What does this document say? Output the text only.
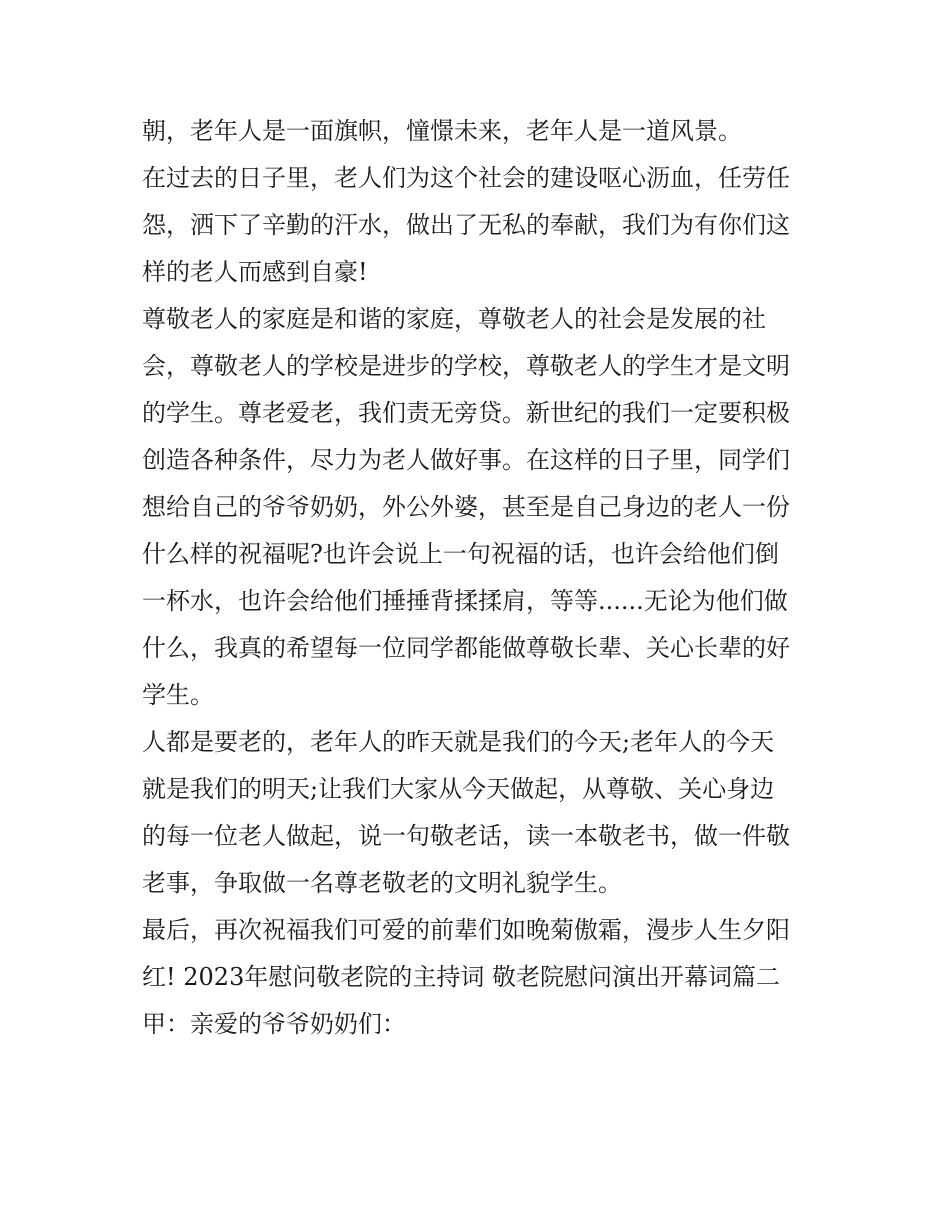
朝，老年人是一面旗帜，憧憬未来，老年人是一道风景。

在过去的日子里，老人们为这个社会的建设呕心沥血，任劳任
怨，洒下了辛勤的汗水，做出了无私的奉献，我们为有你们这
样的老人而感到自豪!

尊敬老人的家庭是和谐的家庭，尊敬老人的社会是发展的社
会，尊敬老人的学校是进步的学校，尊敬老人的学生才是文明
的学生。尊老爱老，我们责无旁贷。新世纪的我们一定要积极
创造各种条件，尽力为老人做好事。在这样的日子里，同学们
想给自己的爷爷奶奶，外公外婆，甚至是自己身边的老人一份
什么样的祝福呢?也许会说上一句祝福的话，也许会给他们倒
一杯水，也许会给他们捶捶背揉揉肩，等等......无论为他们做
什么，我真的希望每一位同学都能做尊敬长辈、关心长辈的好
学生。

人都是要老的，老年人的昨天就是我们的今天;老年人的今天
就是我们的明天;让我们大家从今天做起，从尊敬、关心身边
的每一位老人做起，说一句敬老话，读一本敬老书，做一件敬
老事，争取做一名尊老敬老的文明礼貌学生。

最后，再次祝福我们可爱的前辈们如晚菊傲霜，漫步人生夕阳
红! 2023年慰问敬老院的主持词 敬老院慰问演出开幕词篇二
甲：亲爱的爷爷奶奶们：
